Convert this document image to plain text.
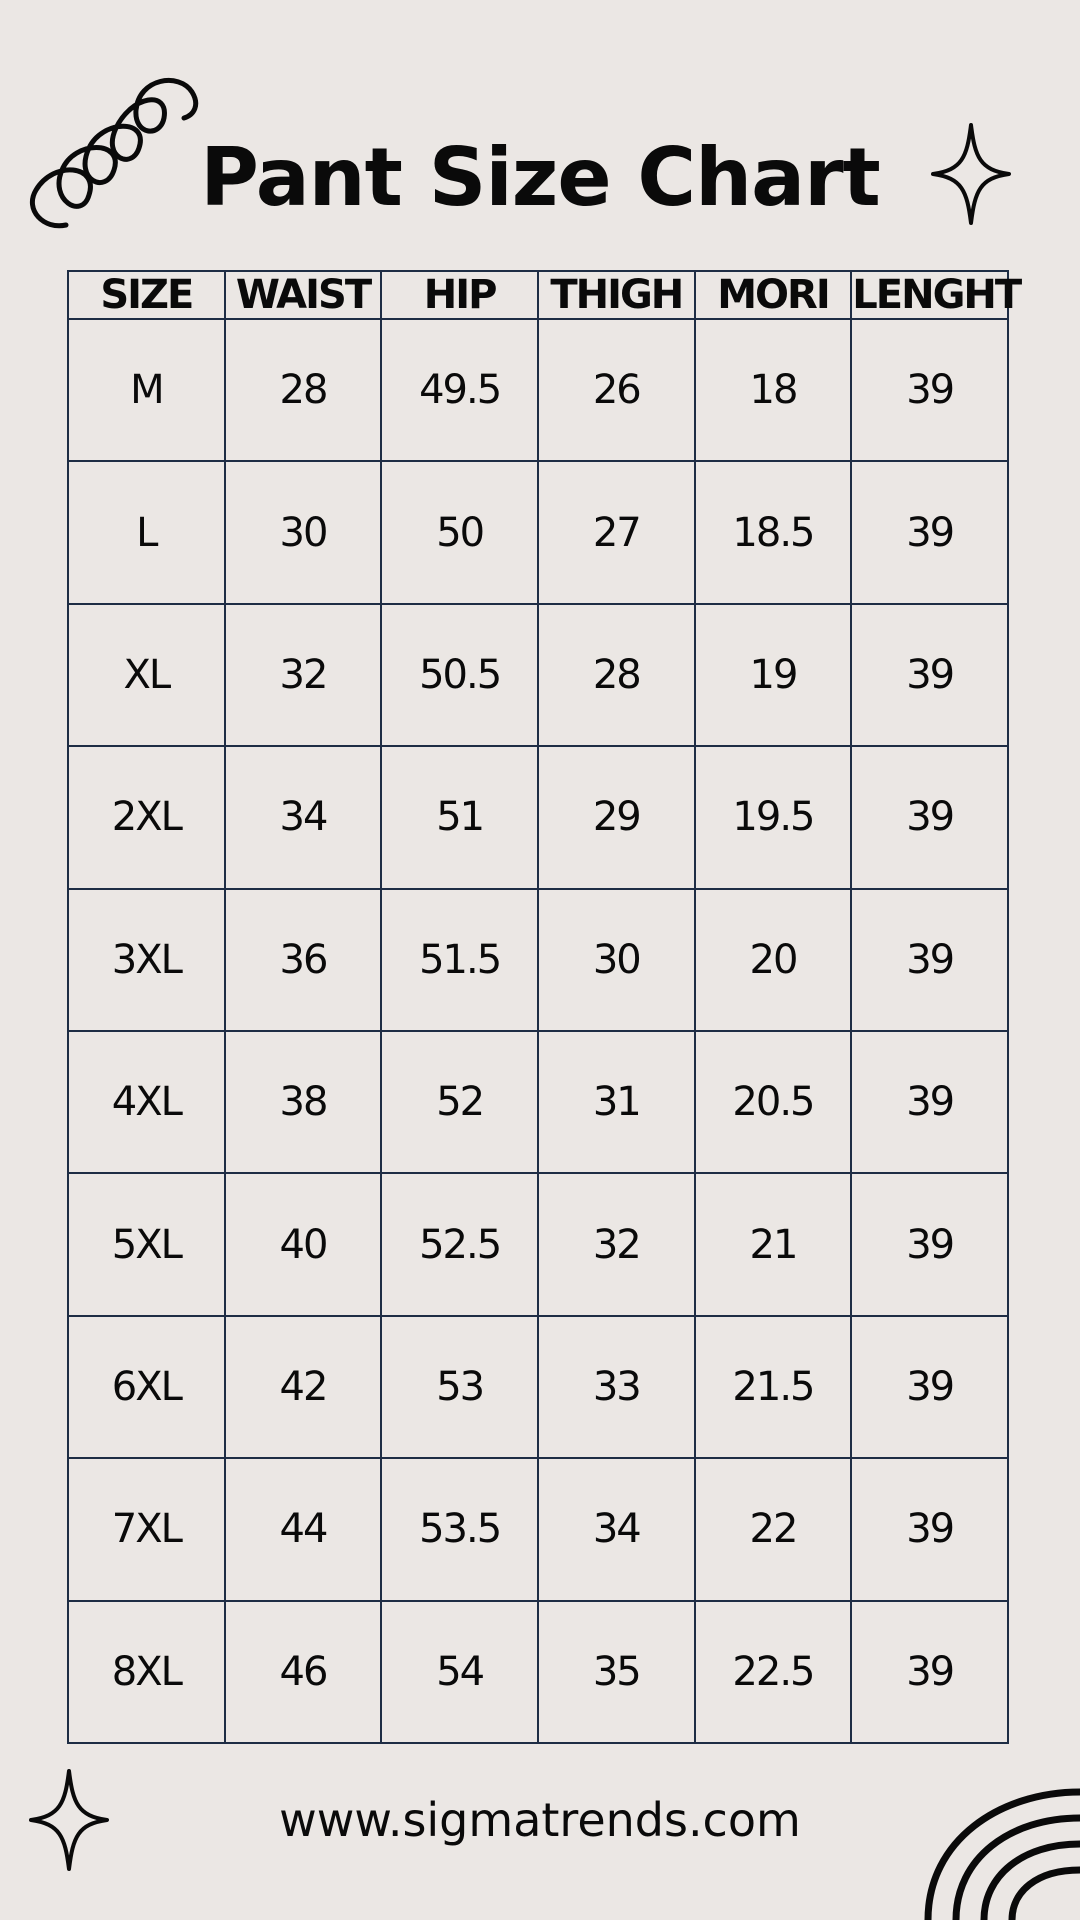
Pant Size Chart
SIZE	WAIST	HIP	THIGH	MORI	LENGHT
M	28	49.5	26	18	39
L	30	50	27	18.5	39
XL	32	50.5	28	19	39
2XL	34	51	29	19.5	39
3XL	36	51.5	30	20	39
4XL	38	52	31	20.5	39
5XL	40	52.5	32	21	39
6XL	42	53	33	21.5	39
7XL	44	53.5	34	22	39
8XL	46	54	35	22.5	39
www.sigmatrends.com
